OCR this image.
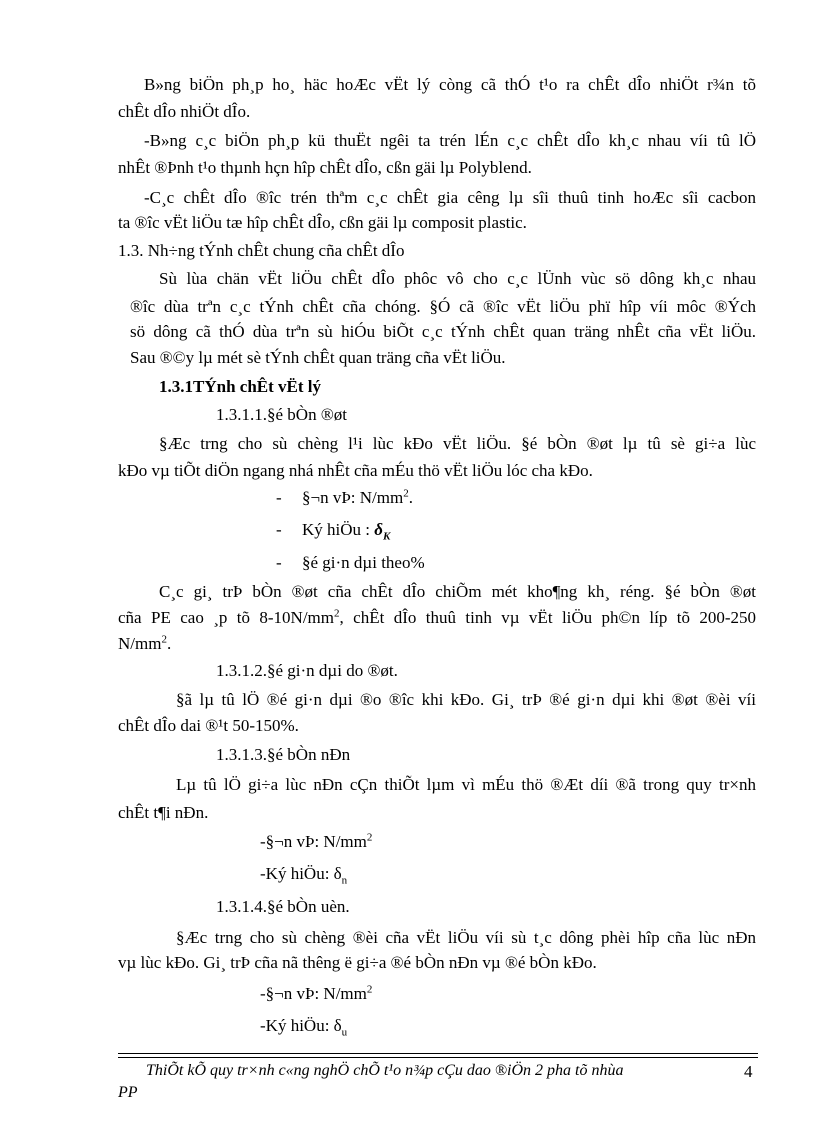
B»ng biÖn ph¸p ho¸ häc hoÆc vËt lý còng cã thÓ t¹o ra chÊt dÎo nhiÖt r¾n tõ
chÊt dÎo nhiÖt dÎo.
-B»ng c¸c biÖn ph¸p kü thuËt ngêi ta trén lÉn c¸c chÊt dÎo kh¸c nhau víi tû lÖ
nhÊt ®Þnh t¹o thµnh hçn hîp chÊt dÎo, cßn gäi lµ Polyblend.
-C¸c chÊt dÎo ®îc trén thªm c¸c chÊt gia cêng lµ sîi thuû tinh hoÆc sîi cacbon
ta ®îc vËt liÖu tæ hîp chÊt dÎo, cßn gäi lµ composit plastic.
1.3. Nh÷ng tÝnh chÊt chung cña chÊt dÎo
Sù lùa chän vËt liÖu chÊt dÎo phôc vô cho c¸c lÜnh vùc sö dông kh¸c nhau
®îc dùa trªn c¸c tÝnh chÊt cña chóng. §Ó cã ®îc vËt liÖu phï hîp víi môc ®Ých
sö dông cã thÓ dùa trªn sù hiÓu biÕt c¸c tÝnh chÊt quan träng nhÊt cña vËt liÖu.
Sau ®©y lµ mét sè tÝnh chÊt quan träng cña vËt liÖu.
1.3.1TÝnh chÊt vËt lý
1.3.1.1.§é bÒn ®øt
§Æc trng cho sù chèng l¹i lùc kÐo vËt liÖu. §é bÒn ®øt lµ tû sè gi÷a lùc
kÐo vµ tiÕt diÖn ngang nhá nhÊt cña mÉu thö vËt liÖu lóc cha kÐo.
- §¬n vÞ: $N/mm^2$.
- Ký hiÖu : $\delta_K$
- §é gi·n dµi theo%
C¸c gi¸ trÞ bÒn ®øt cña chÊt dÎo chiÕm mét kho¶ng kh¸ réng. §é bÒn ®øt
cña PE cao ¸p tõ $8-10N/mm^2$, chÊt dÎo thuû tinh vµ vËt liÖu ph©n líp tõ 200-250
$N/mm^2$.
1.3.1.2.§é gi·n dµi do ®øt.
§ã lµ tû lÖ ®é gi·n dµi ®o ®îc khi kÐo. Gi¸ trÞ ®é gi·n dµi khi ®øt ®èi víi
chÊt dÎo dai ®¹t 50-150%.
1.3.1.3.§é bÒn nÐn
Lµ tû lÖ gi÷a lùc nÐn cÇn thiÕt lµm vì mÉu thö ®Æt díi ®ã trong quy tr×nh
chÊt t¶i nÐn.
-§¬n vÞ: $N/mm^2$
-Ký hiÖu: $\delta_n$
1.3.1.4.§é bÒn uèn.
§Æc trng cho sù chèng ®èi cña vËt liÖu víi sù t¸c dông phèi hîp cña lùc nÐn
vµ lùc kÐo. Gi¸ trÞ cña nã thêng ë gi÷a ®é bÒn nÐn vµ ®é bÒn kÐo.
-§¬n vÞ: $N/mm^2$
-Ký hiÖu: $\delta_u$
ThiÕt kÕ quy tr×nh c«ng nghÖ chÕ t¹o n¾p cÇu dao ®iÖn 2 pha tõ nhùa
PP
4
